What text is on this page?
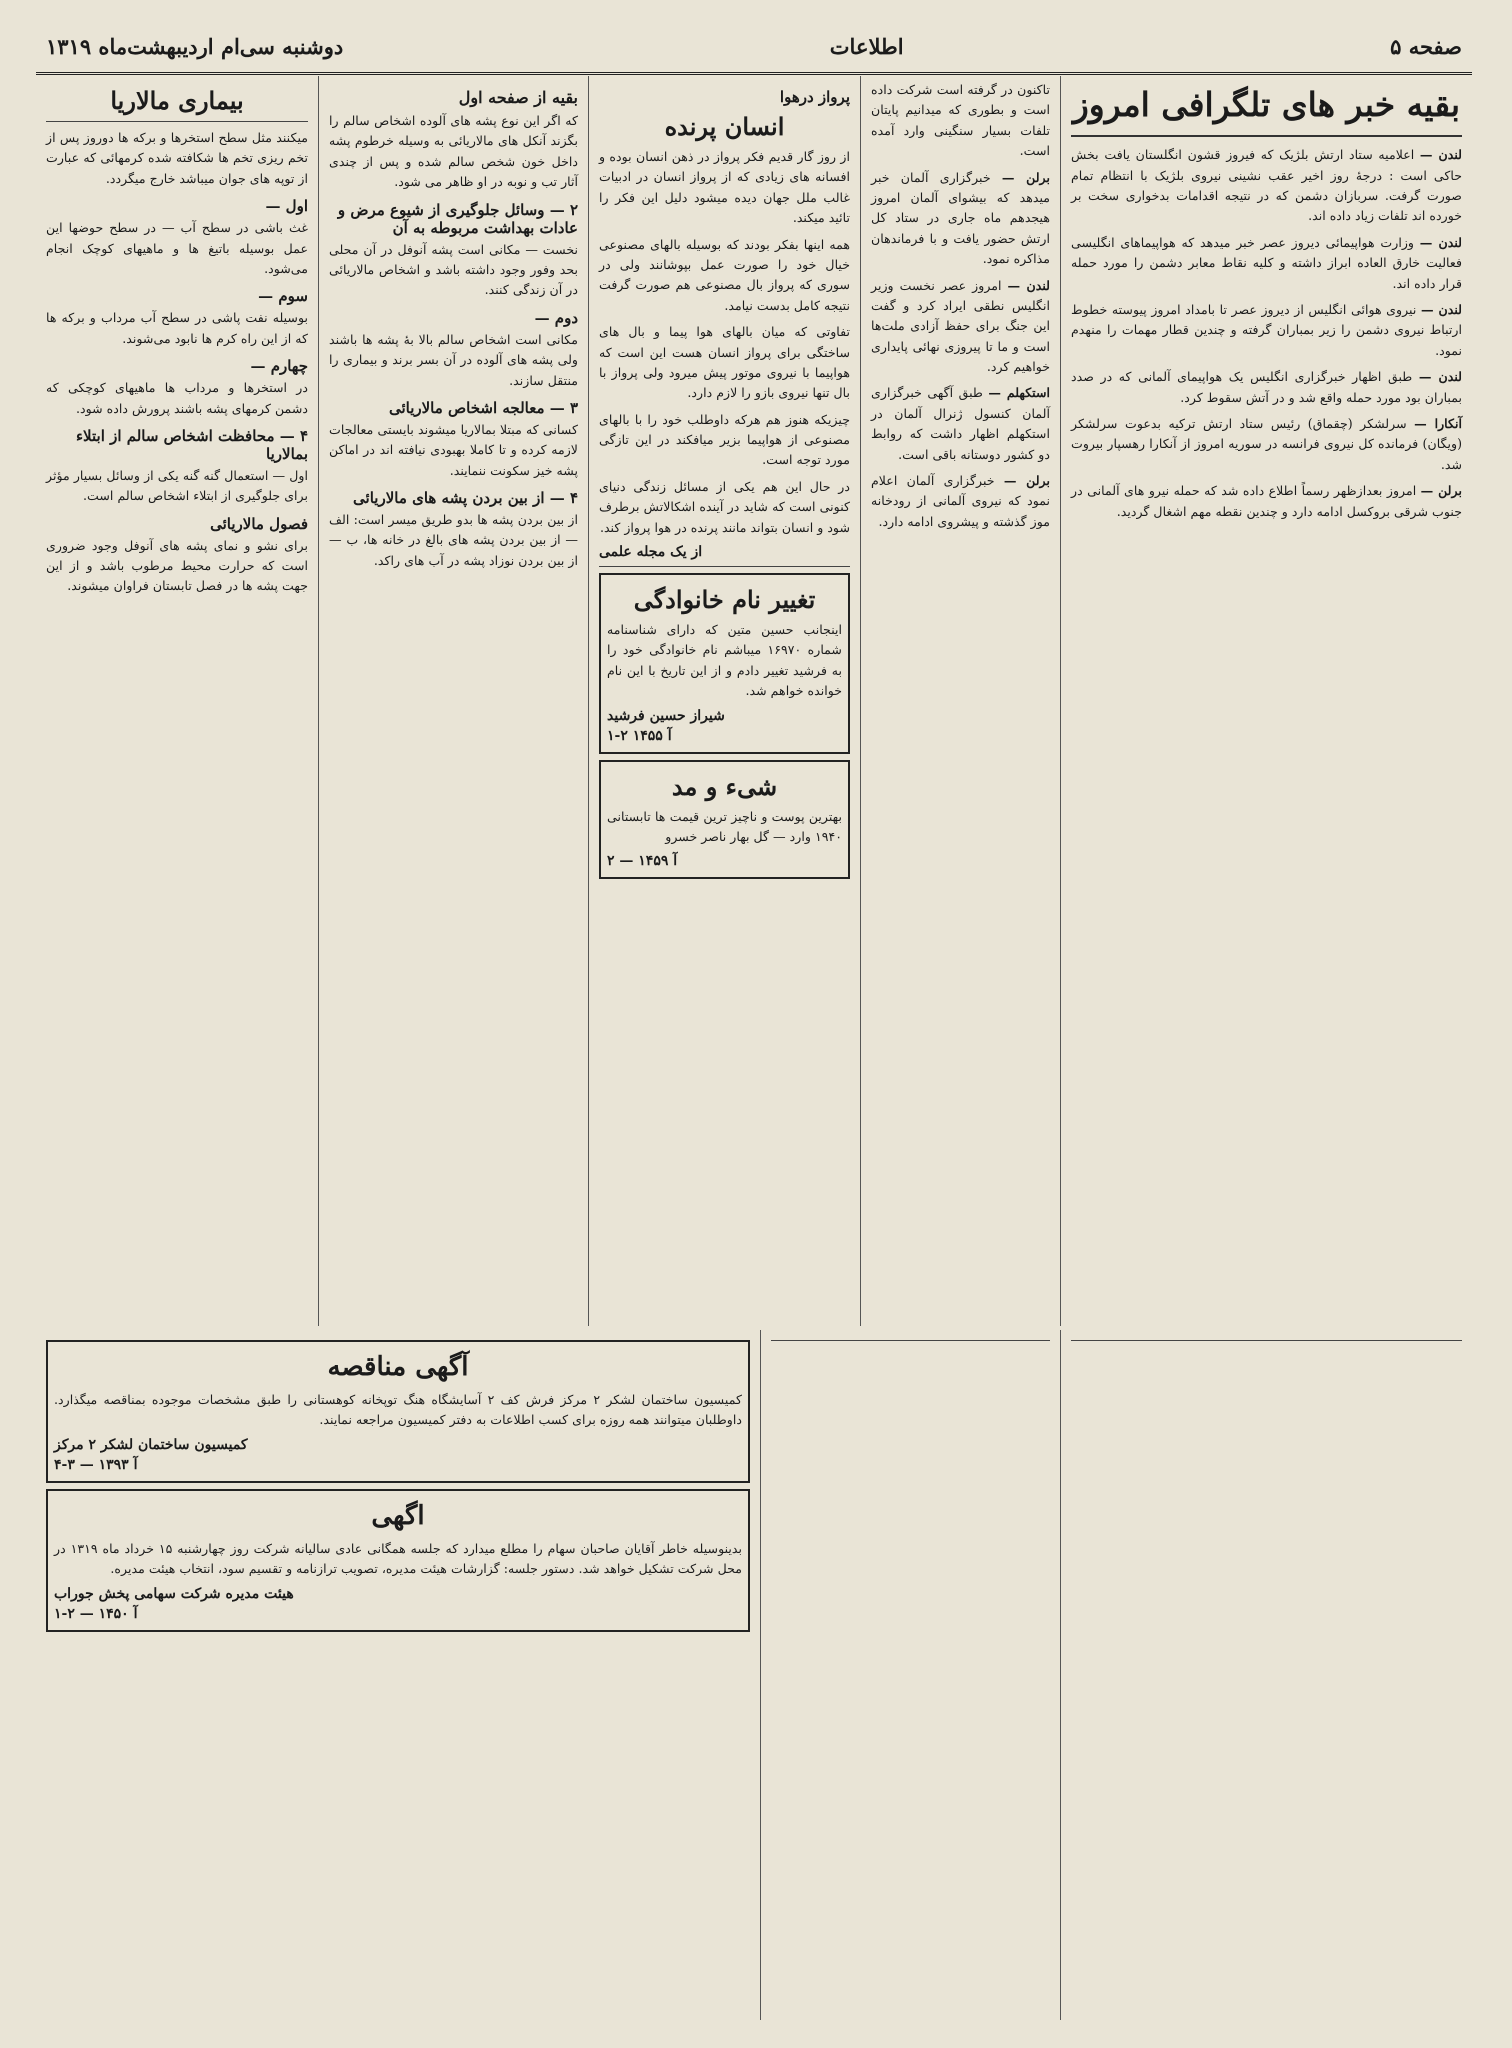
صفحه ۵
اطلاعات
دوشنبه سی‌ام اردیبهشت‌ماه ۱۳۱۹
بقیه خبر های تلگرافی امروز
لندن — اعلامیه ستاد ارتش بلژیک که فیروز قشون انگلستان یافت بخش حاکی است : درجهٔ روز اخیر عقب نشینی نیروی بلژیک با انتظام تمام صورت گرفت. سربازان دشمن که در نتیجه اقدامات بدخواری سخت بر خورده اند تلفات زیاد داده اند.
لندن — وزارت هواپیمائی دیروز عصر خبر میدهد که هواپیماهای انگلیسی فعالیت خارق العاده ابراز داشته و کلیه نقاط معابر دشمن را مورد حمله قرار داده اند.
لندن — نیروی هوائی انگلیس از دیروز عصر تا بامداد امروز پیوسته خطوط ارتباط نیروی دشمن را زیر بمباران گرفته و چندین قطار مهمات را منهدم نمود.
لندن — طبق اظهار خبرگزاری انگلیس یک هواپیمای آلمانی که در صدد بمباران بود مورد حمله واقع شد و در آتش سقوط کرد.
آنکارا — سرلشکر (چقماق) رئیس ستاد ارتش ترکیه بدعوت سرلشکر (ویگان) فرمانده کل نیروی فرانسه در سوریه امروز از آنکارا رهسپار بیروت شد.
برلن — امروز بعدازظهر رسماً اطلاع داده شد که حمله نیرو های آلمانی در جنوب شرقی بروکسل ادامه دارد و چندین نقطه مهم اشغال گردید.
تاکنون در گرفته است شرکت داده است و بطوری که میدانیم پایتان تلفات بسیار سنگینی وارد آمده است.
برلن — خبرگزاری آلمان خبر میدهد که بیشوای آلمان امروز هیجدهم ماه جاری در ستاد کل ارتش حضور یافت و با فرماندهان مذاکره نمود.
لندن — امروز عصر نخست وزیر انگلیس نطقی ایراد کرد و گفت این جنگ برای حفظ آزادی ملت‌ها است و ما تا پیروزی نهائی پایداری خواهیم کرد.
استکهلم — طبق آگهی خبرگزاری آلمان کنسول ژنرال آلمان در استکهلم اظهار داشت که روابط دو کشور دوستانه باقی است.
برلن — خبرگزاری آلمان اعلام نمود که نیروی آلمانی از رودخانه موز گذشته و پیشروی ادامه دارد.
پرواز درهوا
انسان پرنده

از روز گار قدیم فکر پرواز در ذهن انسان بوده و افسانه های زیادی که از پرواز انسان در ادبیات غالب ملل جهان دیده میشود دلیل این فکر را تائید میکند.

همه اینها بفکر بودند که بوسیله بالهای مصنوعی خیال خود را صورت عمل بپوشانند ولی در سوری که پرواز بال مصنوعی هم صورت گرفت نتیجه کامل بدست نیامد.

تفاوتی که میان بالهای هوا پیما و بال های ساختگی برای پرواز انسان هست این است که هواپیما با نیروی موتور پیش میرود ولی پرواز با بال تنها نیروی بازو را لازم دارد.

چیزیکه هنوز هم هرکه داوطلب خود را با بالهای مصنوعی از هواپیما بزیر میافکند در این تازگی مورد توجه است.

در حال این هم یکی از مسائل زندگی دنیای کنونی است که شاید در آینده اشکالاتش برطرف شود و انسان بتواند مانند پرنده در هوا پرواز کند.

از یک مجله علمی
تغییر نام خانوادگی

اینجانب حسین متین که دارای شناسنامه شماره ۱۶۹۷۰ میباشم نام خانوادگی خود را به فرشید تغییر دادم و از این تاریخ با این نام خوانده خواهم شد.

شیراز حسین فرشید
آ ۱۴۵۵ ۲-۱
شیء و مد

بهترین پوست و ناچیز ترین قیمت ها تابستانی ۱۹۴۰ وارد — گل بهار ناصر خسرو

آ ۱۴۵۹ — ۲
بقیه از صفحه اول

که اگر این نوع پشه های آلوده اشخاص سالم را بگزند آنکل های مالاریائی به وسیله خرطوم پشه داخل خون شخص سالم شده و پس از چندی آثار تب و نوبه در او ظاهر می شود.

۲ — وسائل جلوگیری از شیوع مرض و عادات بهداشت مربوطه به آن

نخست — مکانی است پشه آنوفل در آن محلی بحد وفور وجود داشته باشد و اشخاص مالاریائی در آن زندگی کنند.

دوم —

مکانی است اشخاص سالم بالا بهٔ پشه ها باشند ولی پشه های آلوده در آن بسر برند و بیماری را منتقل سازند.

۳ — معالجه اشخاص مالاریائی

کسانی که مبتلا بمالاریا میشوند بایستی معالجات لازمه کرده و تا کاملا بهبودی نیافته اند در اماکن پشه خیز سکونت ننمایند.

۴ — از بین بردن پشه های مالاریائی

از بین بردن پشه ها بدو طریق میسر است: الف — از بین بردن پشه های بالغ در خانه ها، ب — از بین بردن نوزاد پشه در آب های راکد.

بیماری مالاریا

میکنند مثل سطح استخرها و برکه ها دوروز پس از تخم ریزی تخم ها شکافته شده کرمهائی که عبارت از توپه های جوان میباشد خارج میگردد.

اول —

غث باشی در سطح آب — در سطح حوضها این عمل بوسیله باتیغ ها و ماهیهای کوچک انجام می‌شود.

سوم —

بوسیله نفت پاشی در سطح آب مرداب و برکه ها که از این راه کرم ها نابود می‌شوند.

چهارم —

در استخرها و مرداب ها ماهیهای کوچکی که دشمن کرمهای پشه باشند پرورش داده شود.

۴ — محافظت اشخاص سالم از ابتلاء بمالاریا

اول — استعمال گنه گنه یکی از وسائل بسیار مؤثر برای جلوگیری از ابتلاء اشخاص سالم است.

فصول مالاریائی

برای نشو و نمای پشه های آنوفل وجود ضروری است که حرارت محیط مرطوب باشد و از این جهت پشه ها در فصل تابستان فراوان میشوند.

آگهی مناقصه

کمیسیون ساختمان لشکر ۲ مرکز فرش کف ۲ آسایشگاه هنگ توپخانه کوهستانی را طبق مشخصات موجوده بمناقصه میگذارد. داوطلبان میتوانند همه روزه برای کسب اطلاعات به دفتر کمیسیون مراجعه نمایند.

کمیسیون ساختمان لشکر ۲ مرکز
آ ۱۳۹۳ — ۳-۴
اگهی

بدینوسیله خاطر آقایان صاحبان سهام را مطلع میدارد که جلسه همگانی عادی سالیانه شرکت روز چهارشنبه ۱۵ خرداد ماه ۱۳۱۹ در محل شرکت تشکیل خواهد شد. دستور جلسه: گزارشات هیئت مدیره، تصویب ترازنامه و تقسیم سود، انتخاب هیئت مدیره.

هیئت مدیره شرکت سهامی پخش جوراب
آ ۱۴۵۰ — ۲-۱
